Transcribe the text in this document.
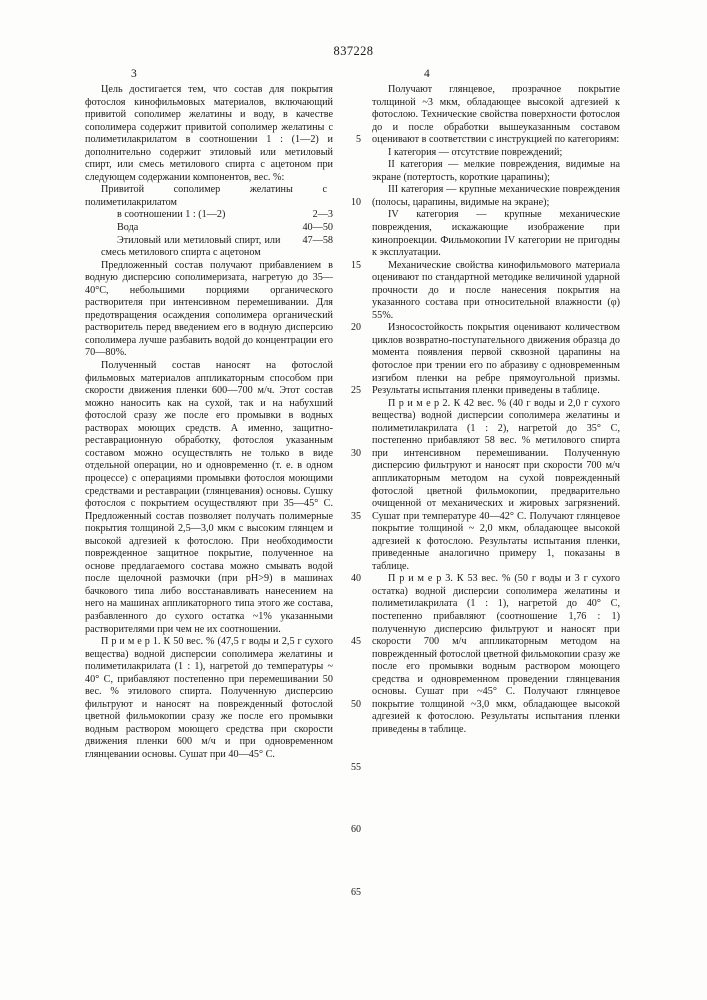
837228
3	4
5
10
15
20
25
30
35
40
45
50
55
60
65

Цель достигается тем, что состав для покрытия фотослоя кинофильмовых материалов, включающий привитой сополимер желатины и воду, в качестве сополимера содержит привитой сополимер желатины с полиметилакрилатом в соотношении 1 : (1—2) и дополнительно содержит этиловый или метиловый спирт, или смесь метилового спирта с ацетоном при следующем содержании компонентов, вес. %:

Привитой сополимер желатины с полиметилакрилатом

в соотношении 1 : (1—2)	2—3

Вода	40—50

Этиловый или метиловый спирт, или смесь метилового спирта с ацетоном
47—58

Предложенный состав получают прибавлением в водную дисперсию сополимеризата, нагретую до 35—40°С, небольшими порциями органического растворителя при интенсивном перемешивании. Для предотвращения осаждения сополимера органический растворитель перед введением его в водную дисперсию сополимера лучше разбавить водой до концентрации его 70—80%.

Полученный состав наносят на фотослой фильмовых материалов аппликаторным способом при скорости движения пленки 600—700 м/ч. Этот состав можно наносить как на сухой, так и на набухший фотослой сразу же после его промывки в водных растворах моющих средств. А именно, защитно-реставрационную обработку, фотослоя указанным составом можно осуществлять не только в виде отдельной операции, но и одновременно (т. е. в одном процессе) с операциями промывки фотослоя моющими средствами и реставрации (глянцевания) основы. Сушку фотослоя с покрытием осуществляют при 35—45° С. Предложенный состав позволяет получать полимерные покрытия толщиной 2,5—3,0 мкм с высоким глянцем и высокой адгезией к фотослою. При необходимости поврежденное защитное покрытие, полученное на основе предлагаемого состава можно смывать водой после щелочной размочки (при рН>9) в машинах бачкового типа либо восстанавливать нанесением на него на машинах аппликаторного типа этого же состава, разбавленного до сухого остатка ~1% указанными растворителями при чем не их соотношении.

П р и м е р 1. К 50 вес. % (47,5 г воды и 2,5 г сухого вещества) водной дисперсии сополимера желатины и полиметилакрилата (1 : 1), нагретой до температуры ~ 40° С, прибавляют постепенно при перемешивании 50 вес. % этилового спирта. Полученную дисперсию фильтруют и наносят на поврежденный фотослой цветной фильмокопии сразу же после его промывки водным раствором моющего средства при скорости движения пленки 600 м/ч и при одновременном глянцевании основы. Сушат при 40—45° С.

Получают глянцевое, прозрачное покрытие толщиной ~3 мкм, обладающее высокой адгезией к фотослою. Технические свойства поверхности фотослоя до и после обработки вышеуказанным составом оценивают в соответствии с инструкцией по категориям:

I категория — отсутствие повреждений;

II категория — мелкие повреждения, видимые на экране (потертость, короткие царапины);

III категория — крупные механические повреждения (полосы, царапины, видимые на экране);

IV категория — крупные механические повреждения, искажающие изображение при кинопроекции. Фильмокопии IV категории не пригодны к эксплуатации.

Механические свойства кинофильмового материала оценивают по стандартной методике величиной ударной прочности до и после нанесения покрытия на указанного состава при относительной влажности (φ) 55%.

Износостойкость покрытия оценивают количеством циклов возвратно-поступательного движения образца до момента появления первой сквозной царапины на фотослое при трении его по абразиву с одновременным изгибом пленки на ребре прямоугольной призмы. Результаты испытания пленки приведены в таблице.

П р и м е р 2. К 42 вес. % (40 г воды и 2,0 г сухого вещества) водной дисперсии сополимера желатины и полиметилакрилата (1 : 2), нагретой до 35° С, постепенно прибавляют 58 вес. % метилового спирта при интенсивном перемешивании. Полученную дисперсию фильтруют и наносят при скорости 700 м/ч аппликаторным методом на сухой поврежденный фотослой цветной фильмокопии, предварительно очищенной от механических и жировых загрязнений. Сушат при температуре 40—42° С. Получают глянцевое покрытие толщиной ~ 2,0 мкм, обладающее высокой адгезией к фотослою. Результаты испытания пленки, приведенные аналогично примеру 1, показаны в таблице.

П р и м е р 3. К 53 вес. % (50 г воды и 3 г сухого остатка) водной дисперсии сополимера желатины и полиметилакрилата (1 : 1), нагретой до 40° С, постепенно прибавляют (соотношение 1,76 : 1) полученную дисперсию фильтруют и наносят при скорости 700 м/ч аппликаторным методом на поврежденный фотослой цветной фильмокопии сразу же после его промывки водным раствором моющего средства и одновременном проведении глянцевания основы. Сушат при ~45° С. Получают глянцевое покрытие толщиной ~3,0 мкм, обладающее высокой адгезией к фотослою. Результаты испытания пленки приведены в таблице.
